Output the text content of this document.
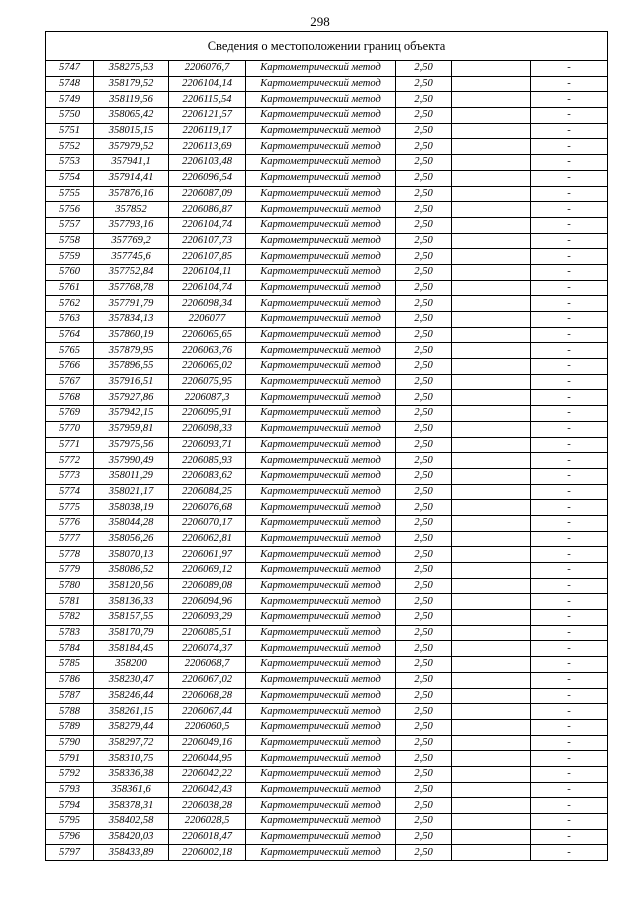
298
Сведения о местоположении границ объекта
5747	358275,53	2206076,7	Картометрический метод	2,50		-
5748	358179,52	2206104,14	Картометрический метод	2,50		-
5749	358119,56	2206115,54	Картометрический метод	2,50		-
5750	358065,42	2206121,57	Картометрический метод	2,50		-
5751	358015,15	2206119,17	Картометрический метод	2,50		-
5752	357979,52	2206113,69	Картометрический метод	2,50		-
5753	357941,1	2206103,48	Картометрический метод	2,50		-
5754	357914,41	2206096,54	Картометрический метод	2,50		-
5755	357876,16	2206087,09	Картометрический метод	2,50		-
5756	357852	2206086,87	Картометрический метод	2,50		-
5757	357793,16	2206104,74	Картометрический метод	2,50		-
5758	357769,2	2206107,73	Картометрический метод	2,50		-
5759	357745,6	2206107,85	Картометрический метод	2,50		-
5760	357752,84	2206104,11	Картометрический метод	2,50		-
5761	357768,78	2206104,74	Картометрический метод	2,50		-
5762	357791,79	2206098,34	Картометрический метод	2,50		-
5763	357834,13	2206077	Картометрический метод	2,50		-
5764	357860,19	2206065,65	Картометрический метод	2,50		-
5765	357879,95	2206063,76	Картометрический метод	2,50		-
5766	357896,55	2206065,02	Картометрический метод	2,50		-
5767	357916,51	2206075,95	Картометрический метод	2,50		-
5768	357927,86	2206087,3	Картометрический метод	2,50		-
5769	357942,15	2206095,91	Картометрический метод	2,50		-
5770	357959,81	2206098,33	Картометрический метод	2,50		-
5771	357975,56	2206093,71	Картометрический метод	2,50		-
5772	357990,49	2206085,93	Картометрический метод	2,50		-
5773	358011,29	2206083,62	Картометрический метод	2,50		-
5774	358021,17	2206084,25	Картометрический метод	2,50		-
5775	358038,19	2206076,68	Картометрический метод	2,50		-
5776	358044,28	2206070,17	Картометрический метод	2,50		-
5777	358056,26	2206062,81	Картометрический метод	2,50		-
5778	358070,13	2206061,97	Картометрический метод	2,50		-
5779	358086,52	2206069,12	Картометрический метод	2,50		-
5780	358120,56	2206089,08	Картометрический метод	2,50		-
5781	358136,33	2206094,96	Картометрический метод	2,50		-
5782	358157,55	2206093,29	Картометрический метод	2,50		-
5783	358170,79	2206085,51	Картометрический метод	2,50		-
5784	358184,45	2206074,37	Картометрический метод	2,50		-
5785	358200	2206068,7	Картометрический метод	2,50		-
5786	358230,47	2206067,02	Картометрический метод	2,50		-
5787	358246,44	2206068,28	Картометрический метод	2,50		-
5788	358261,15	2206067,44	Картометрический метод	2,50		-
5789	358279,44	2206060,5	Картометрический метод	2,50		-
5790	358297,72	2206049,16	Картометрический метод	2,50		-
5791	358310,75	2206044,95	Картометрический метод	2,50		-
5792	358336,38	2206042,22	Картометрический метод	2,50		-
5793	358361,6	2206042,43	Картометрический метод	2,50		-
5794	358378,31	2206038,28	Картометрический метод	2,50		-
5795	358402,58	2206028,5	Картометрический метод	2,50		-
5796	358420,03	2206018,47	Картометрический метод	2,50		-
5797	358433,89	2206002,18	Картометрический метод	2,50		-
